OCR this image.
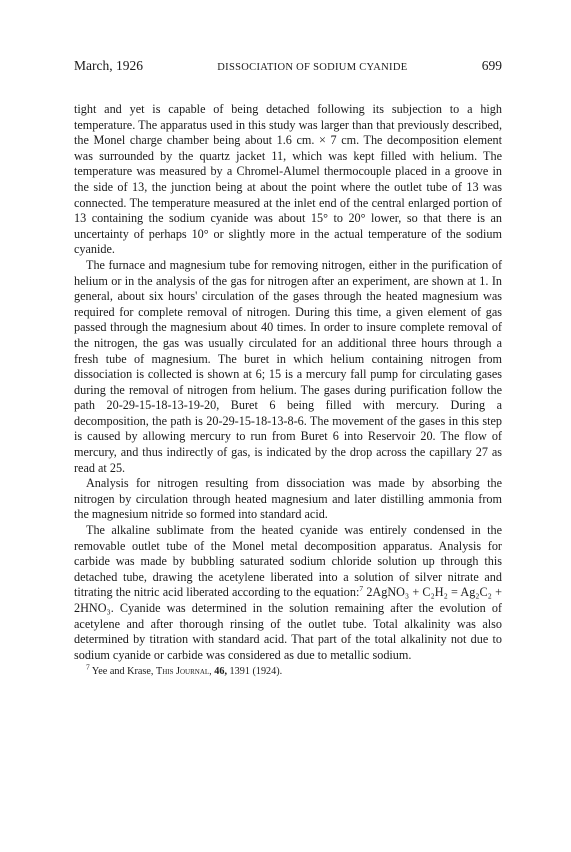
March, 1926	DISSOCIATION OF SODIUM CYANIDE	699

tight and yet is capable of being detached following its subjection to a high temperature. The apparatus used in this study was larger than that previously described, the Monel charge chamber being about 1.6 cm. × 7 cm. The decomposition element was surrounded by the quartz jacket 11, which was kept filled with helium. The temperature was measured by a Chromel-Alumel thermocouple placed in a groove in the side of 13, the junction being at about the point where the outlet tube of 13 was connected. The temperature measured at the inlet end of the central enlarged portion of 13 containing the sodium cyanide was about 15° to 20° lower, so that there is an uncertainty of perhaps 10° or slightly more in the actual temperature of the sodium cyanide.

The furnace and magnesium tube for removing nitrogen, either in the purification of helium or in the analysis of the gas for nitrogen after an experiment, are shown at 1. In general, about six hours' circulation of the gases through the heated magnesium was required for complete removal of nitrogen. During this time, a given element of gas passed through the magnesium about 40 times. In order to insure complete removal of the nitrogen, the gas was usually circulated for an additional three hours through a fresh tube of magnesium. The buret in which helium containing nitrogen from dissociation is collected is shown at 6; 15 is a mercury fall pump for circulating gases during the removal of nitrogen from helium. The gases during purification follow the path 20-29-15-18-13-19-20, Buret 6 being filled with mercury. During a decomposition, the path is 20-29-15-18-13-8-6. The movement of the gases in this step is caused by allowing mercury to run from Buret 6 into Reservoir 20. The flow of mercury, and thus indirectly of gas, is indicated by the drop across the capillary 27 as read at 25.

Analysis for nitrogen resulting from dissociation was made by absorbing the nitrogen by circulation through heated magnesium and later distilling ammonia from the magnesium nitride so formed into standard acid.

The alkaline sublimate from the heated cyanide was entirely condensed in the removable outlet tube of the Monel metal decomposition apparatus. Analysis for carbide was made by bubbling saturated sodium chloride solution up through this detached tube, drawing the acetylene liberated into a solution of silver nitrate and titrating the nitric acid liberated according to the equation:$^7$ 2AgNO₃ + C₂H₂ = Ag₂C₂ + 2HNO₃. Cyanide was determined in the solution remaining after the evolution of acetylene and after thorough rinsing of the outlet tube. Total alkalinity was also determined by titration with standard acid. That part of the total alkalinity not due to sodium cyanide or carbide was considered as due to metallic sodium.

$^7$ Yee and Krase, This Journal, 46, 1391 (1924).
